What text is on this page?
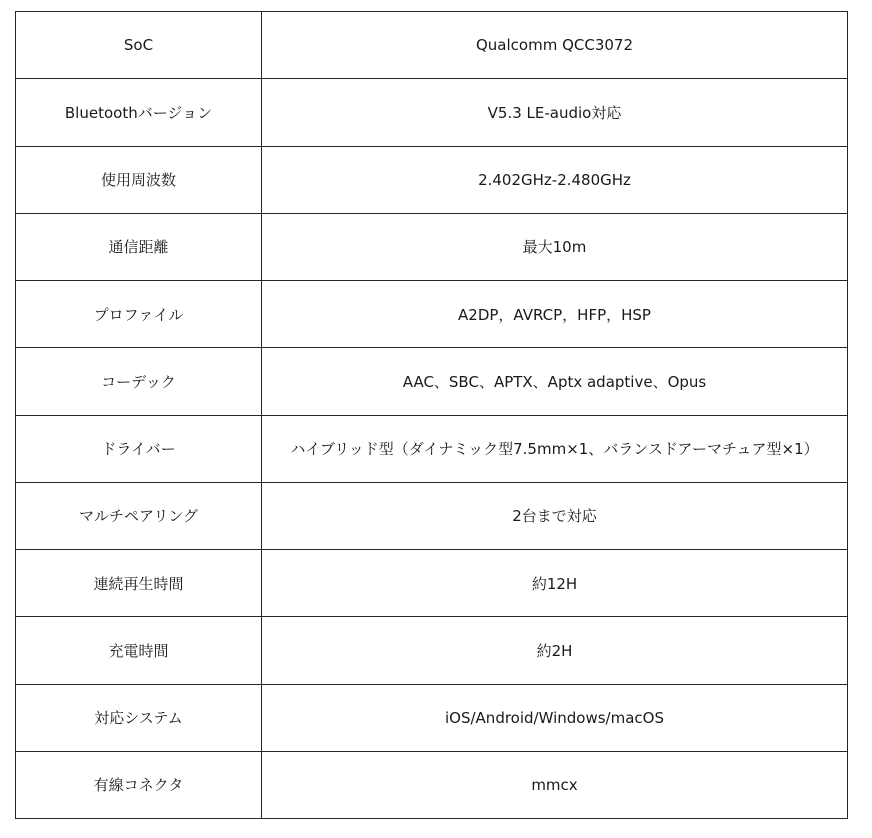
SoC	Qualcomm QCC3072
Bluetoothバージョン	V5.3 LE-audio対応
使用周波数	2.402GHz-2.480GHz
通信距離	最大10m
プロファイル	A2DP，AVRCP，HFP，HSP
コーデック	AAC、SBC、APTX、Aptx adaptive、Opus
ドライバー	ハイブリッド型（ダイナミック型7.5mm×1、バランスドアーマチュア型×1）
マルチペアリング	2台まで対応
連続再生時間	約12H
充電時間	約2H
対応システム	iOS/Android/Windows/macOS
有線コネクタ	mmcx
